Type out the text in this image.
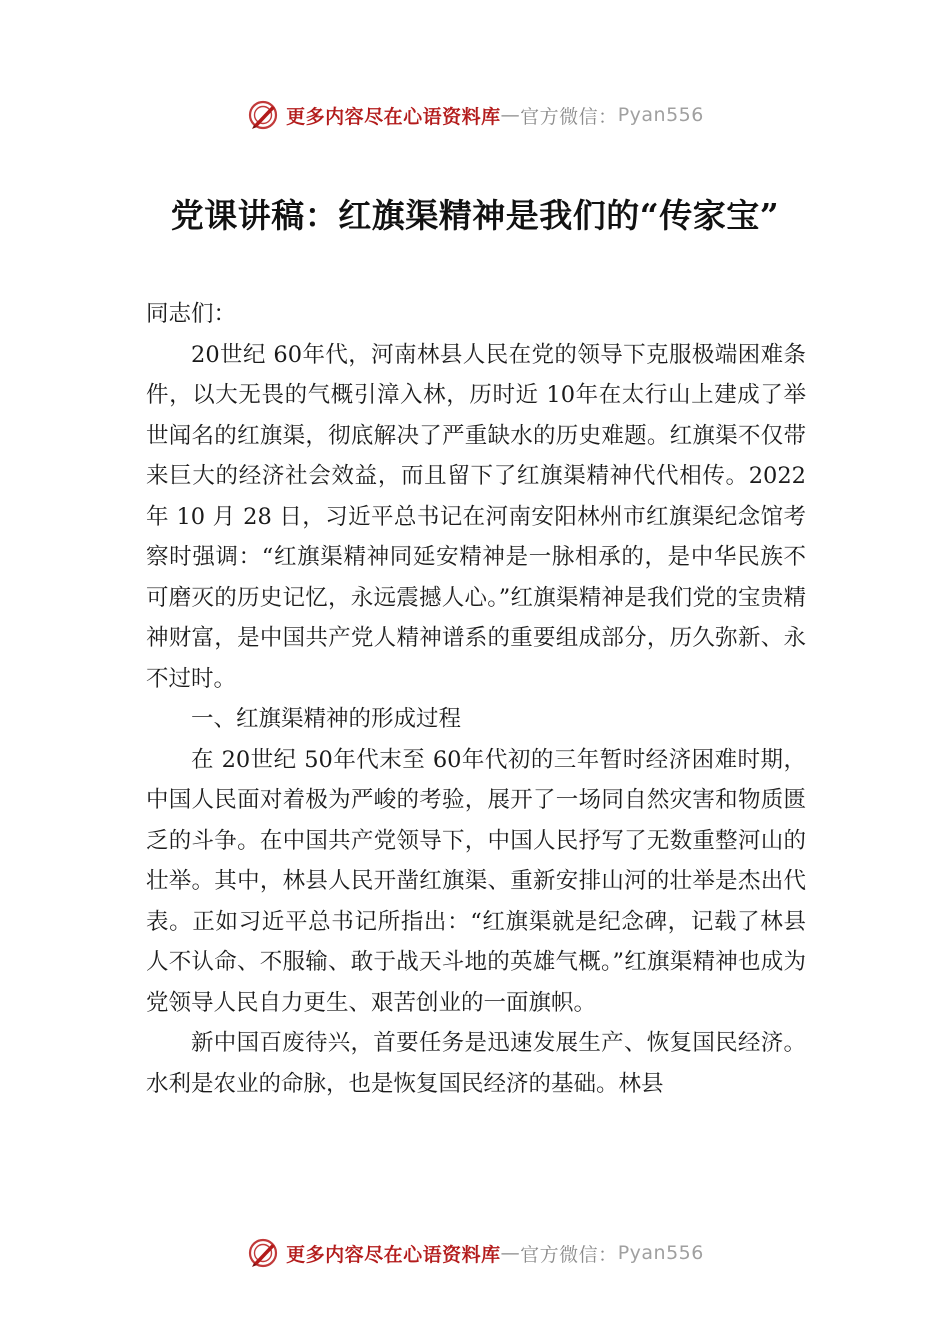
更多内容尽在心语资料库 — 官方微信： Pyan556
党课讲稿：红旗渠精神是我们的“传家宝”

同志们：

20世纪 60年代，河南林县人民在党的领导下克服极端困难条件，以大无畏的气概引漳入林，历时近 10年在太行山上建成了举世闻名的红旗渠，彻底解决了严重缺水的历史难题。红旗渠不仅带来巨大的经济社会效益，而且留下了红旗渠精神代代相传。2022 年 10 月 28 日，习近平总书记在河南安阳林州市红旗渠纪念馆考察时强调：“红旗渠精神同延安精神是一脉相承的，是中华民族不可磨灭的历史记忆，永远震撼人心。”红旗渠精神是我们党的宝贵精神财富，是中国共产党人精神谱系的重要组成部分，历久弥新、永不过时。

一、红旗渠精神的形成过程

在 20世纪 50年代末至 60年代初的三年暂时经济困难时期，中国人民面对着极为严峻的考验，展开了一场同自然灾害和物质匮乏的斗争。在中国共产党领导下，中国人民抒写了无数重整河山的壮举。其中，林县人民开凿红旗渠、重新安排山河的壮举是杰出代表。正如习近平总书记所指出：“红旗渠就是纪念碑，记载了林县人不认命、不服输、敢于战天斗地的英雄气概。”红旗渠精神也成为党领导人民自力更生、艰苦创业的一面旗帜。

新中国百废待兴，首要任务是迅速发展生产、恢复国民经济。水利是农业的命脉，也是恢复国民经济的基础。林县

更多内容尽在心语资料库 — 官方微信： Pyan556
